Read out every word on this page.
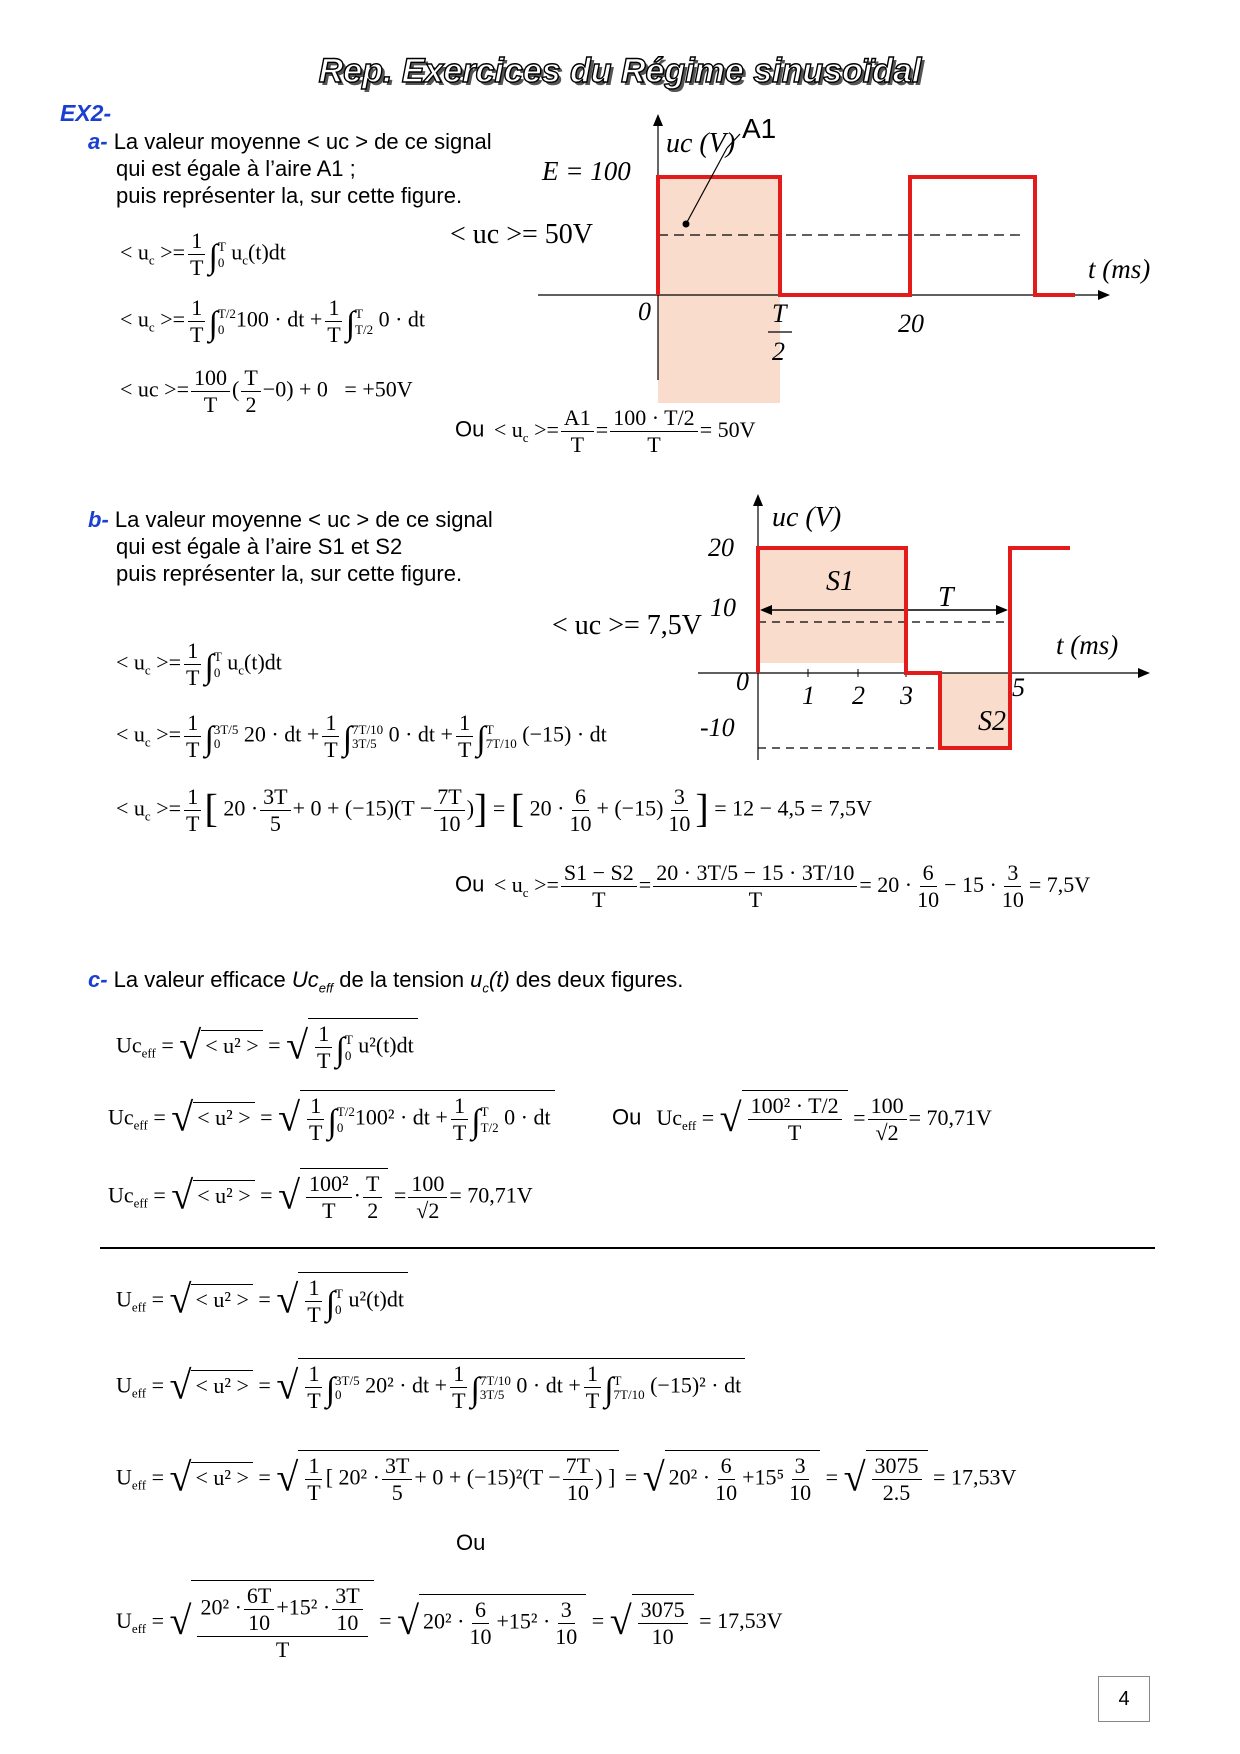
Rep. Exercices du Régime sinusoïdal
EX2-
a- La valeur moyenne < uc > de ce signal
qui est égale à l’aire A1 ;
puis représenter la, sur cette figure.
< $u_c >= \frac{1}{T}$ ∫ T
0 $u_c(t)dt$
< $u_c >= \frac{1}{T}$ ∫ T/2
0 100 · dt + $\frac{1}{T}$ ∫ T
T/2 0 · dt
< uc >= $\frac{100}{T}$ ( $\frac{T}{2} -0) + 0 = +50V$
$Ou < u_c >= \frac{A1}{T} = \frac{100 \cdot T/2}{T} = 50V$
A1
uc (V)
E = 100
< uc >= 50V
t (ms)
0	T
2
20
b- La valeur moyenne < uc > de ce signal
qui est égale à l’aire S1 et S2
puis représenter la, sur cette figure.
uc (V)
20
10
0
-10
1 2 3	5
S1
T
S2
t (ms)
< uc >= 7,5V
< $u_c >= \frac{1}{T}$ ∫ T
0 $u_c(t)dt$
< $u_c >= \frac{1}{T}$ ∫ 3T/5
0 20 · dt + $\frac{1}{T}$ ∫ 7T/10
3T/5 0 · dt + $\frac{1}{T}$ ∫ T
7T/10 (−15) · dt
< $u_c >= \frac{1}{T}$ [ $20 \cdot \frac{3T}{5} + 0 + (-15)(T - \frac{7T}{10}$ )] = [ $20 \cdot \frac{6}{10} + (-15) \frac{3}{10}$ ] = 12 − 4,5 = 7,5V
$Ou < u_c >= \frac{S1 - S2}{T} = \frac{20 \cdot 3T/5 - 15 \cdot 3T/10}{T} = 20 \cdot \frac{6}{10} - 15 \cdot \frac{3}{10} = 7,5V$
c- La valeur efficace $Uc_{eff}$ de la tension $u_c(t)$ des deux figures.
$Uc_{eff}$ = √ < u² > = √ $\frac{1}{T}$ ∫ T
0 u²(t)dt
$Uc_{eff}$ = √ < u² > = √ $\frac{1}{T}$ ∫ T/2
0 100² · dt + $\frac{1}{T}$ ∫ T
T/2 0 · dt
$Uc_{eff}$ = √ < u² > = √ $\frac{\text{100²}}{T} \cdot \frac{T}{2} = \frac{100}{√2} = 70,71V$
Ou   $Uc_{eff}$ = √ $\frac{\text{100² · T/2}}{T} = \frac{100}{√2} = 70,71V$
$U_{eff}$ = √ < u² > = √ $\frac{1}{T}$ ∫ T
0 u²(t)dt
$U_{eff}$ = √ < u² > = √ $\frac{1}{T}$ ∫ 3T/5
0 20² · dt + $\frac{1}{T}$ ∫ 7T/10
3T/5 0 · dt + $\frac{1}{T}$ ∫ T
7T/10 (−15)² · dt
$U_{eff}$ = √ < u² > = √ $\frac{1}{T}$ [ $20^2 \cdot \frac{3T}{5} + 0 + (-15)^2(T - \frac{7T}{10}$ ) ] = √ $20^2 \cdot \frac{6}{10} +15^5 \frac{3}{10}$ = √ $\frac{3075}{2.5} = 17,53V$
Ou
$U_{eff}$ = √ $\frac{20^2 \cdot \frac{6T}{10} +15^2 \cdot \frac{3T}{10}}{T}$ = √ $20^2 \cdot \frac{6}{10} +15^2 \cdot \frac{3}{10}$ = √ $\frac{3075}{10} = 17,53V$
4
